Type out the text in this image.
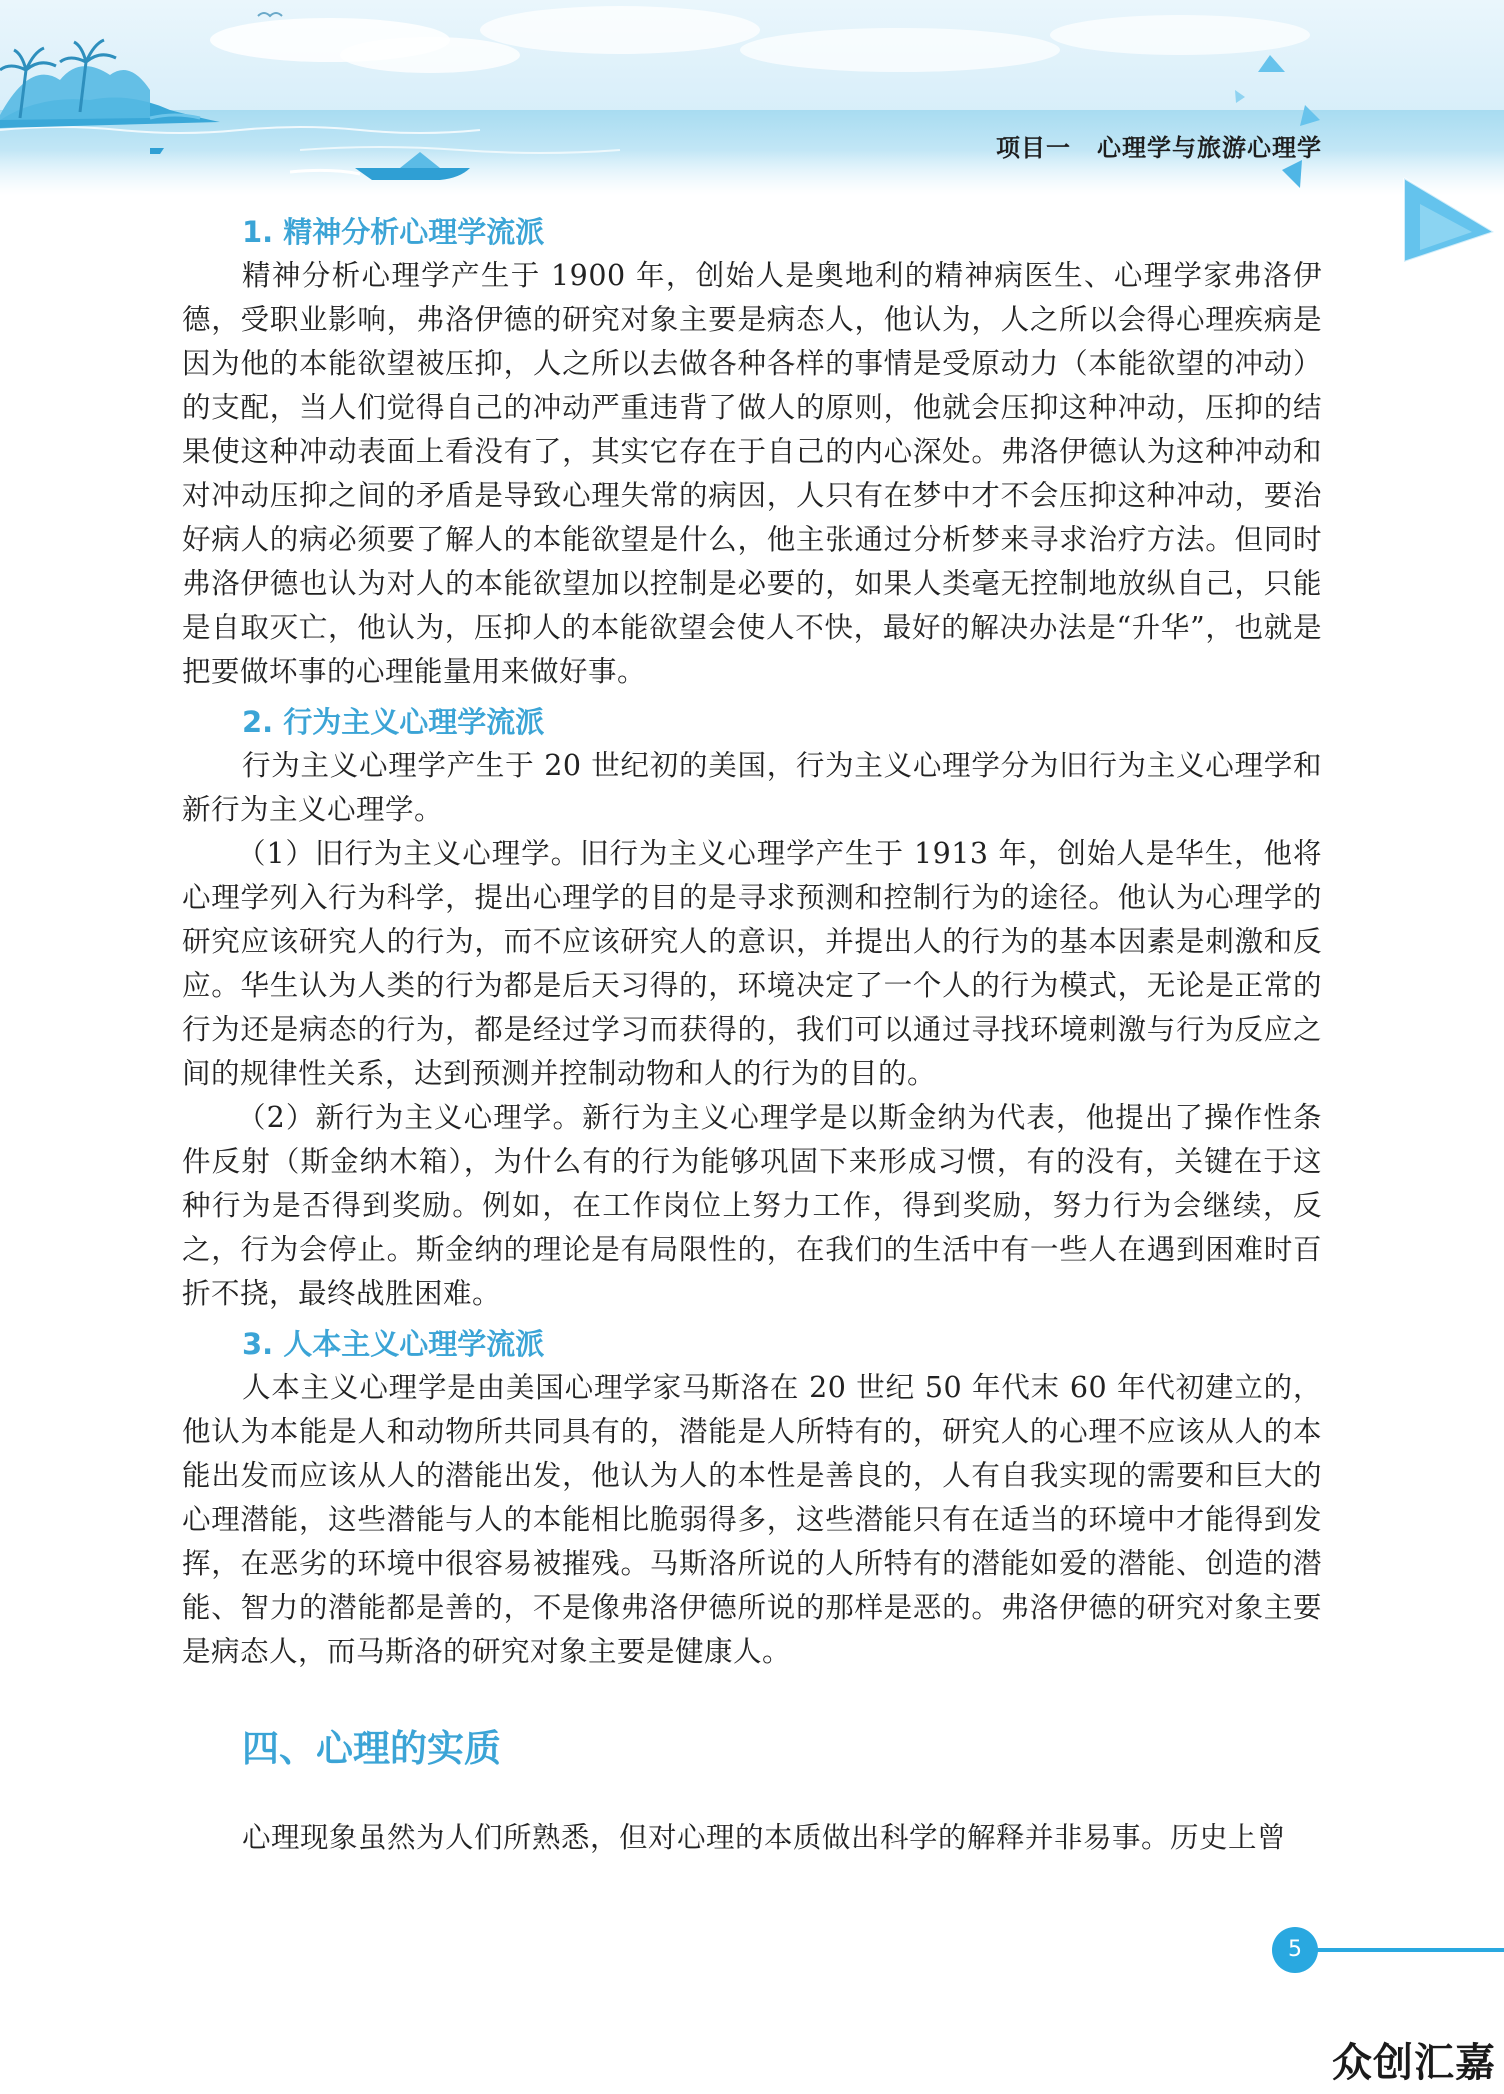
项目一 心理学与旅游心理学
1. 精神分析心理学流派

精神分析心理学产生于 1900 年，创始人是奥地利的精神病医生、心理学家弗洛伊德，受职业影响，弗洛伊德的研究对象主要是病态人，他认为，人之所以会得心理疾病是因为他的本能欲望被压抑，人之所以去做各种各样的事情是受原动力（本能欲望的冲动）的支配，当人们觉得自己的冲动严重违背了做人的原则，他就会压抑这种冲动，压抑的结果使这种冲动表面上看没有了，其实它存在于自己的内心深处。弗洛伊德认为这种冲动和对冲动压抑之间的矛盾是导致心理失常的病因，人只有在梦中才不会压抑这种冲动，要治好病人的病必须要了解人的本能欲望是什么，他主张通过分析梦来寻求治疗方法。但同时弗洛伊德也认为对人的本能欲望加以控制是必要的，如果人类毫无控制地放纵自己，只能是自取灭亡，他认为，压抑人的本能欲望会使人不快，最好的解决办法是“升华”，也就是把要做坏事的心理能量用来做好事。

2. 行为主义心理学流派

行为主义心理学产生于 20 世纪初的美国，行为主义心理学分为旧行为主义心理学和新行为主义心理学。

（1）旧行为主义心理学。旧行为主义心理学产生于 1913 年，创始人是华生，他将心理学列入行为科学，提出心理学的目的是寻求预测和控制行为的途径。他认为心理学的研究应该研究人的行为，而不应该研究人的意识，并提出人的行为的基本因素是刺激和反应。华生认为人类的行为都是后天习得的，环境决定了一个人的行为模式，无论是正常的行为还是病态的行为，都是经过学习而获得的，我们可以通过寻找环境刺激与行为反应之间的规律性关系，达到预测并控制动物和人的行为的目的。

（2）新行为主义心理学。新行为主义心理学是以斯金纳为代表，他提出了操作性条件反射（斯金纳木箱），为什么有的行为能够巩固下来形成习惯，有的没有，关键在于这种行为是否得到奖励。例如，在工作岗位上努力工作，得到奖励，努力行为会继续，反之，行为会停止。斯金纳的理论是有局限性的，在我们的生活中有一些人在遇到困难时百折不挠，最终战胜困难。

3. 人本主义心理学流派

人本主义心理学是由美国心理学家马斯洛在 20 世纪 50 年代末 60 年代初建立的，他认为本能是人和动物所共同具有的，潜能是人所特有的，研究人的心理不应该从人的本能出发而应该从人的潜能出发，他认为人的本性是善良的，人有自我实现的需要和巨大的心理潜能，这些潜能与人的本能相比脆弱得多，这些潜能只有在适当的环境中才能得到发挥，在恶劣的环境中很容易被摧残。马斯洛所说的人所特有的潜能如爱的潜能、创造的潜能、智力的潜能都是善的，不是像弗洛伊德所说的那样是恶的。弗洛伊德的研究对象主要是病态人，而马斯洛的研究对象主要是健康人。

四、心理的实质

心理现象虽然为人们所熟悉，但对心理的本质做出科学的解释并非易事。历史上曾

5
众创汇嘉
